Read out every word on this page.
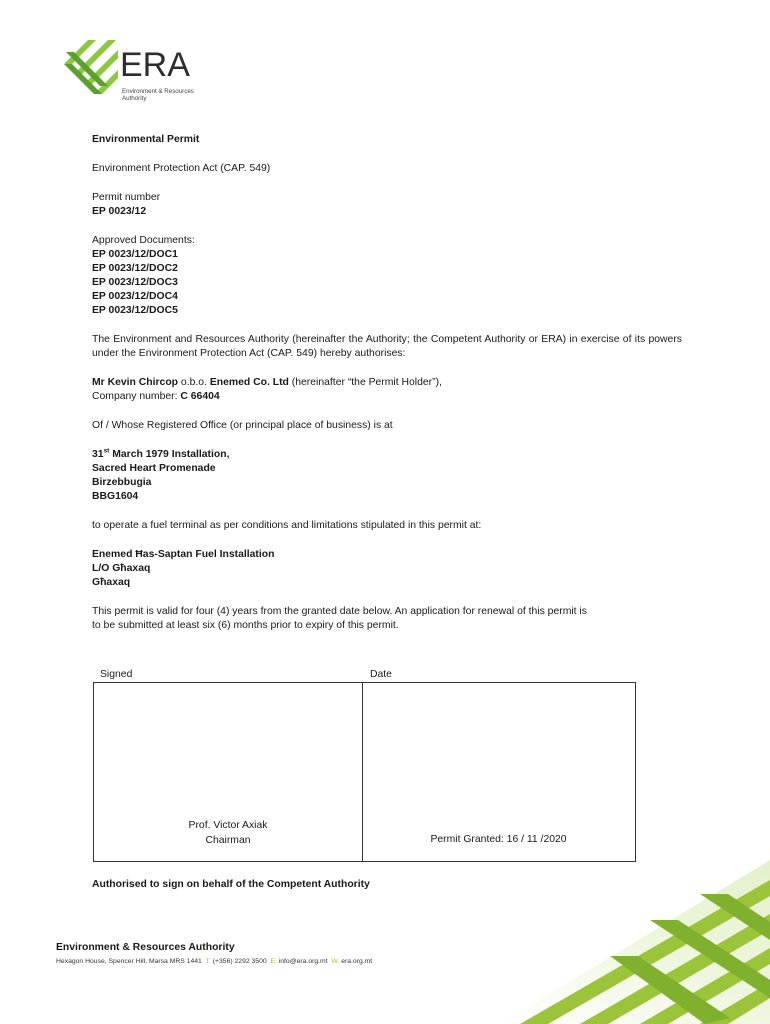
ERA
Environment & Resources
Authority

Environmental Permit

Environment Protection Act (CAP. 549)

Permit number

EP 0023/12

Approved Documents:

EP 0023/12/DOC1

EP 0023/12/DOC2

EP 0023/12/DOC3

EP 0023/12/DOC4

EP 0023/12/DOC5

The Environment and Resources Authority (hereinafter the Authority; the Competent Authority or ERA) in exercise of its powers under the Environment Protection Act (CAP. 549) hereby authorises:

Mr Kevin Chircop o.b.o. Enemed Co. Ltd (hereinafter “the Permit Holder”),

Company number: C 66404

Of / Whose Registered Office (or principal place of business) is at

31st March 1979 Installation,

Sacred Heart Promenade

Birzebbugia

BBG1604

to operate a fuel terminal as per conditions and limitations stipulated in this permit at:

Enemed Ħas-Saptan Fuel Installation

L/O Għaxaq

Għaxaq

This permit is valid for four (4) years from the granted date below. An application for renewal of this permit is

to be submitted at least six (6) months prior to expiry of this permit.

Signed	Date
Prof. Victor Axiak
Chairman	Permit Granted: 16 / 11 /2020
Authorised to sign on behalf of the Competent Authority
Environment & Resources Authority
Hexagon House, Spencer Hill, Marsa MRS 1441 T. (+356) 2292 3500 E. info@era.org.mt W. era.org.mt
